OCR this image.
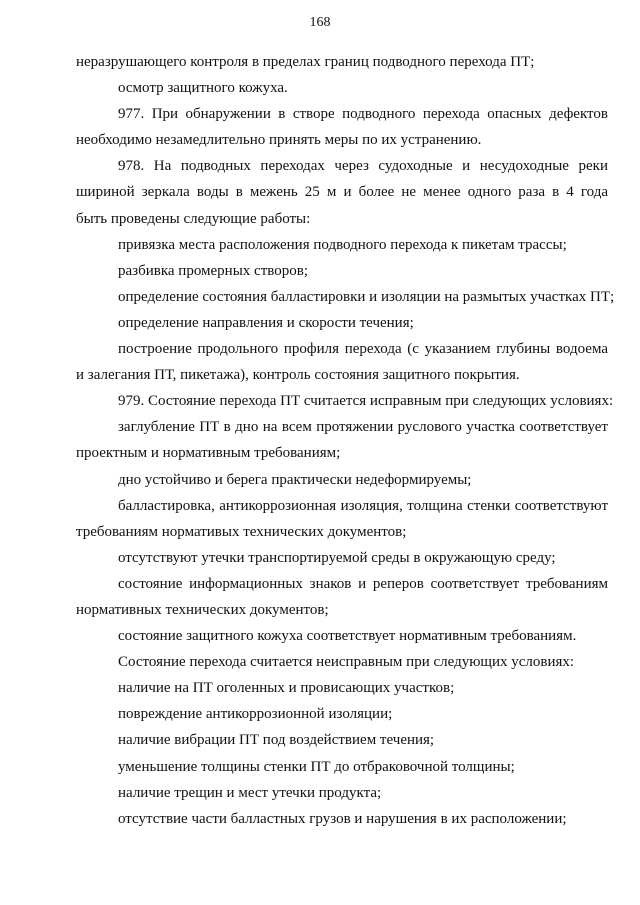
168
неразрушающего контроля в пределах границ подводного перехода ПТ;
осмотр защитного кожуха.
977. При обнаружении в створе подводного перехода опасных дефектов
необходимо незамедлительно принять меры по их устранению.
978. На подводных переходах через судоходные и несудоходные реки
шириной зеркала воды в межень 25 м и более не менее одного раза в 4 года
быть проведены следующие работы:
привязка места расположения подводного перехода к пикетам трассы;
разбивка промерных створов;
определение состояния балластировки и изоляции на размытых участках ПТ;
определение направления и скорости течения;
построение продольного профиля перехода (с указанием глубины водоема
и залегания ПТ, пикетажа), контроль состояния защитного покрытия.
979. Состояние перехода ПТ считается исправным при следующих условиях:
заглубление ПТ в дно на всем протяжении руслового участка соответствует
проектным и нормативным требованиям;
дно устойчиво и берега практически недеформируемы;
балластировка, антикоррозионная изоляция, толщина стенки соответствуют
требованиям нормативых технических документов;
отсутствуют утечки транспортируемой среды в окружающую среду;
состояние информационных знаков и реперов соответствует требованиям
нормативных технических документов;
состояние защитного кожуха соответствует нормативным требованиям.
Состояние перехода считается неисправным при следующих условиях:
наличие на ПТ оголенных и провисающих участков;
повреждение антикоррозионной изоляции;
наличие вибрации ПТ под воздействием течения;
уменьшение толщины стенки ПТ до отбраковочной толщины;
наличие трещин и мест утечки продукта;
отсутствие части балластных грузов и нарушения в их расположении;
